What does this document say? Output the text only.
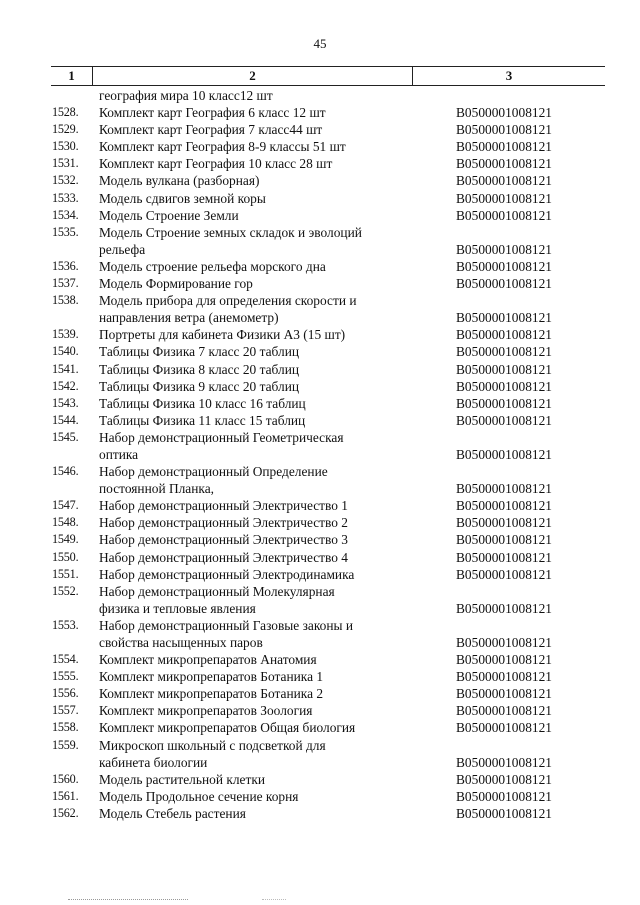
45
1	2	3
география мира 10 класс12 шт
1528.	Комплект карт География 6 класс 12 шт	B0500001008121
1529.	Комплект карт География 7 класс44 шт	B0500001008121
1530.	Комплект карт География 8-9 классы 51 шт	B0500001008121
1531.	Комплект карт География 10 класс 28 шт	B0500001008121
1532.	Модель вулкана (разборная)	B0500001008121
1533.	Модель сдвигов земной коры	B0500001008121
1534.	Модель Строение Земли	B0500001008121
1535.	Модель Строение земных складок и эволоций
рельефа	B0500001008121
1536.	Модель строение рельефа морского дна	B0500001008121
1537.	Модель Формирование гор	B0500001008121
1538.	Модель прибора для определения скорости и
направления ветра (анемометр)	B0500001008121
1539.	Портреты для кабинета Физики А3 (15 шт)	B0500001008121
1540.	Таблицы Физика 7 класс 20 таблиц	B0500001008121
1541.	Таблицы Физика 8 класс 20 таблиц	B0500001008121
1542.	Таблицы Физика 9 класс 20 таблиц	B0500001008121
1543.	Таблицы Физика 10 класс 16 таблиц	B0500001008121
1544.	Таблицы Физика 11 класс 15 таблиц	B0500001008121
1545.	Набор демонстрационный Геометрическая
оптика	B0500001008121
1546.	Набор демонстрационный Определение
постоянной Планка,	B0500001008121
1547.	Набор демонстрационный Электричество 1	B0500001008121
1548.	Набор демонстрационный Электричество 2	B0500001008121
1549.	Набор демонстрационный Электричество 3	B0500001008121
1550.	Набор демонстрационный Электричество 4	B0500001008121
1551.	Набор демонстрационный Электродинамика	B0500001008121
1552.	Набор демонстрационный Молекулярная
физика и тепловые явления	B0500001008121
1553.	Набор демонстрационный Газовые законы и
свойства насыщенных паров	B0500001008121
1554.	Комплект микропрепаратов Анатомия	B0500001008121
1555.	Комплект микропрепаратов Ботаника 1	B0500001008121
1556.	Комплект микропрепаратов Ботаника 2	B0500001008121
1557.	Комплект микропрепаратов Зоология	B0500001008121
1558.	Комплект микропрепаратов Общая биология	B0500001008121
1559.	Микроскоп школьный с подсветкой для
кабинета биологии	B0500001008121
1560.	Модель растительной клетки	B0500001008121
1561.	Модель Продольное сечение корня	B0500001008121
1562.	Модель Стебель растения	B0500001008121
